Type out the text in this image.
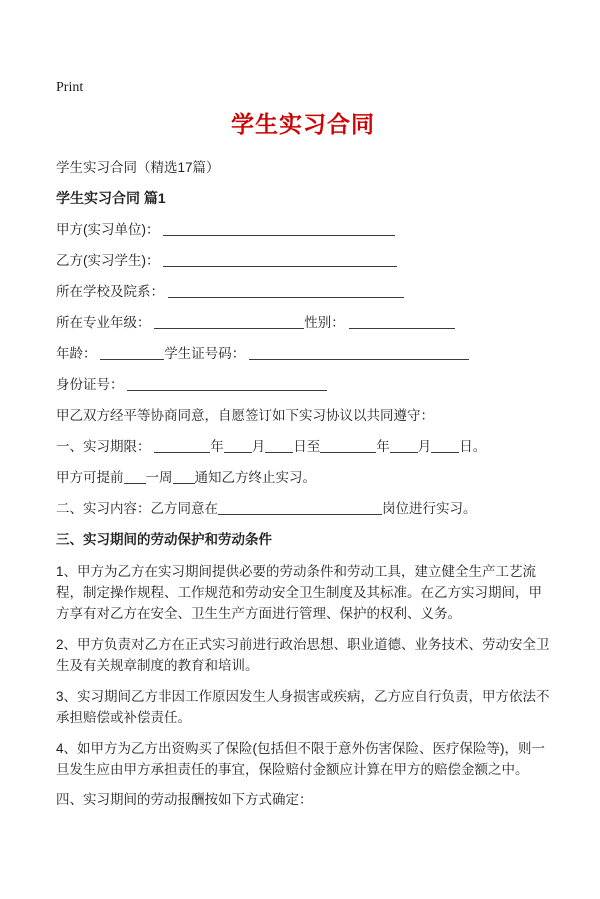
Print
学生实习合同

学生实习合同（精选17篇）

学生实习合同 篇1

甲方(实习单位)：
乙方(实习学生)：
所在学校及院系：
所在专业年级：	性别：
年龄：	学生证号码：
身份证号：
甲乙双方经平等协商同意，自愿签订如下实习协议以共同遵守：
一、实习期限：	年 月 日至	年 月 日。
甲方可提前 一周 通知乙方终止实习。
二、实习内容：乙方同意在	岗位进行实习。
三、实习期间的劳动保护和劳动条件
1、甲方为乙方在实习期间提供必要的劳动条件和劳动工具，建立健全生产工艺流程，制定操作规程、工作规范和劳动安全卫生制度及其标准。在乙方实习期间，甲方享有对乙方在安全、卫生生产方面进行管理、保护的权利、义务。
2、甲方负责对乙方在正式实习前进行政治思想、职业道德、业务技术、劳动安全卫生及有关规章制度的教育和培训。
3、实习期间乙方非因工作原因发生人身损害或疾病，乙方应自行负责，甲方依法不承担赔偿或补偿责任。
4、如甲方为乙方出资购买了保险(包括但不限于意外伤害保险、医疗保险等)，则一旦发生应由甲方承担责任的事宜，保险赔付金额应计算在甲方的赔偿金额之中。
四、实习期间的劳动报酬按如下方式确定：
